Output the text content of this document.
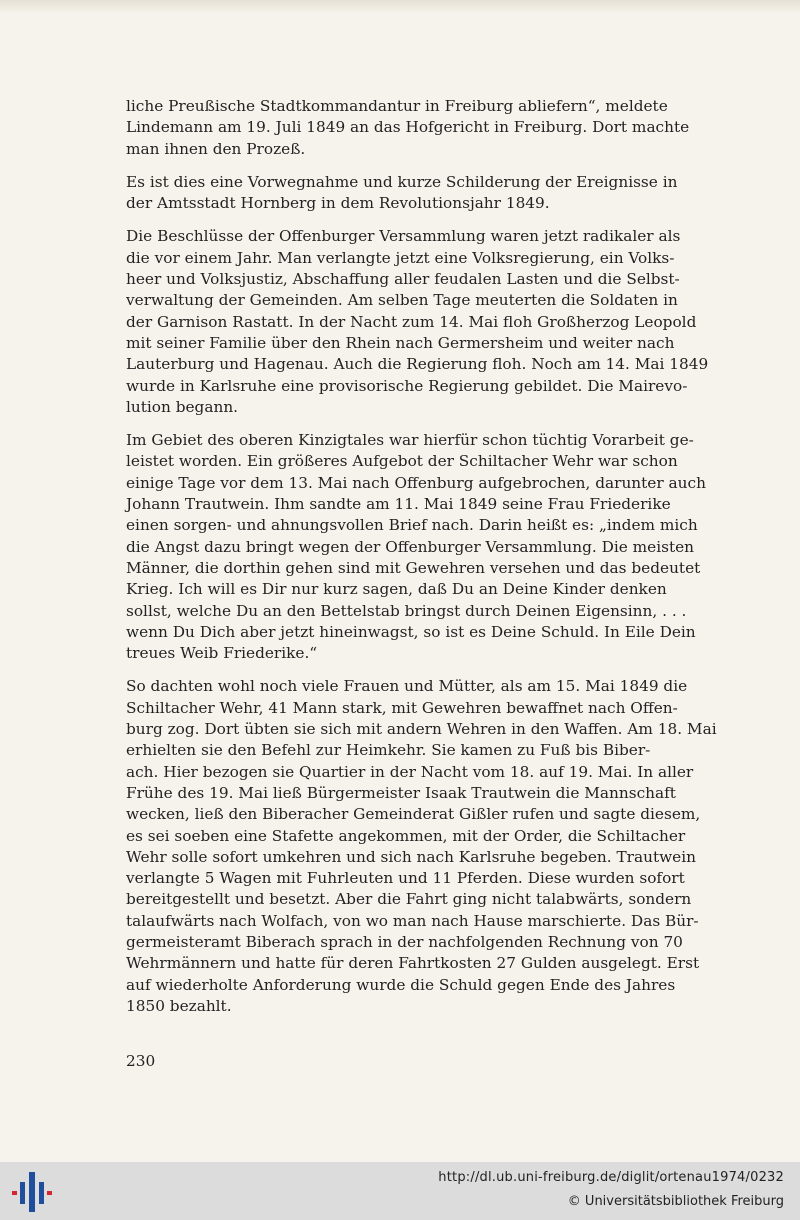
liche Preußische Stadtkommandantur in Freiburg abliefern“, meldete
Lindemann am 19. Juli 1849 an das Hofgericht in Freiburg. Dort machte
man ihnen den Prozeß.

Es ist dies eine Vorwegnahme und kurze Schilderung der Ereignisse in
der Amtsstadt Hornberg in dem Revolutionsjahr 1849.

Die Beschlüsse der Offenburger Versammlung waren jetzt radikaler als
die vor einem Jahr. Man verlangte jetzt eine Volksregierung, ein Volks-
heer und Volksjustiz, Abschaffung aller feudalen Lasten und die Selbst-
verwaltung der Gemeinden. Am selben Tage meuterten die Soldaten in
der Garnison Rastatt. In der Nacht zum 14. Mai floh Großherzog Leopold
mit seiner Familie über den Rhein nach Germersheim und weiter nach
Lauterburg und Hagenau. Auch die Regierung floh. Noch am 14. Mai 1849
wurde in Karlsruhe eine provisorische Regierung gebildet. Die Mairevo-
lution begann.

Im Gebiet des oberen Kinzigtales war hierfür schon tüchtig Vorarbeit ge-
leistet worden. Ein größeres Aufgebot der Schiltacher Wehr war schon
einige Tage vor dem 13. Mai nach Offenburg aufgebrochen, darunter auch
Johann Trautwein. Ihm sandte am 11. Mai 1849 seine Frau Friederike
einen sorgen- und ahnungsvollen Brief nach. Darin heißt es: „indem mich
die Angst dazu bringt wegen der Offenburger Versammlung. Die meisten
Männer, die dorthin gehen sind mit Gewehren versehen und das bedeutet
Krieg. Ich will es Dir nur kurz sagen, daß Du an Deine Kinder denken
sollst, welche Du an den Bettelstab bringst durch Deinen Eigensinn, . . .
wenn Du Dich aber jetzt hineinwagst, so ist es Deine Schuld. In Eile Dein
treues Weib Friederike.“

So dachten wohl noch viele Frauen und Mütter, als am 15. Mai 1849 die
Schiltacher Wehr, 41 Mann stark, mit Gewehren bewaffnet nach Offen-
burg zog. Dort übten sie sich mit andern Wehren in den Waffen. Am 18. Mai
erhielten sie den Befehl zur Heimkehr. Sie kamen zu Fuß bis Biber-
ach. Hier bezogen sie Quartier in der Nacht vom 18. auf 19. Mai. In aller
Frühe des 19. Mai ließ Bürgermeister Isaak Trautwein die Mannschaft
wecken, ließ den Biberacher Gemeinderat Gißler rufen und sagte diesem,
es sei soeben eine Stafette angekommen, mit der Order, die Schiltacher
Wehr solle sofort umkehren und sich nach Karlsruhe begeben. Trautwein
verlangte 5 Wagen mit Fuhrleuten und 11 Pferden. Diese wurden sofort
bereitgestellt und besetzt. Aber die Fahrt ging nicht talabwärts, sondern
talaufwärts nach Wolfach, von wo man nach Hause marschierte. Das Bür-
germeisteramt Biberach sprach in der nachfolgenden Rechnung von 70
Wehrmännern und hatte für deren Fahrtkosten 27 Gulden ausgelegt. Erst
auf wiederholte Anforderung wurde die Schuld gegen Ende des Jahres
1850 bezahlt.

230
http://dl.ub.uni-freiburg.de/diglit/ortenau1974/0232
© Universitätsbibliothek Freiburg
